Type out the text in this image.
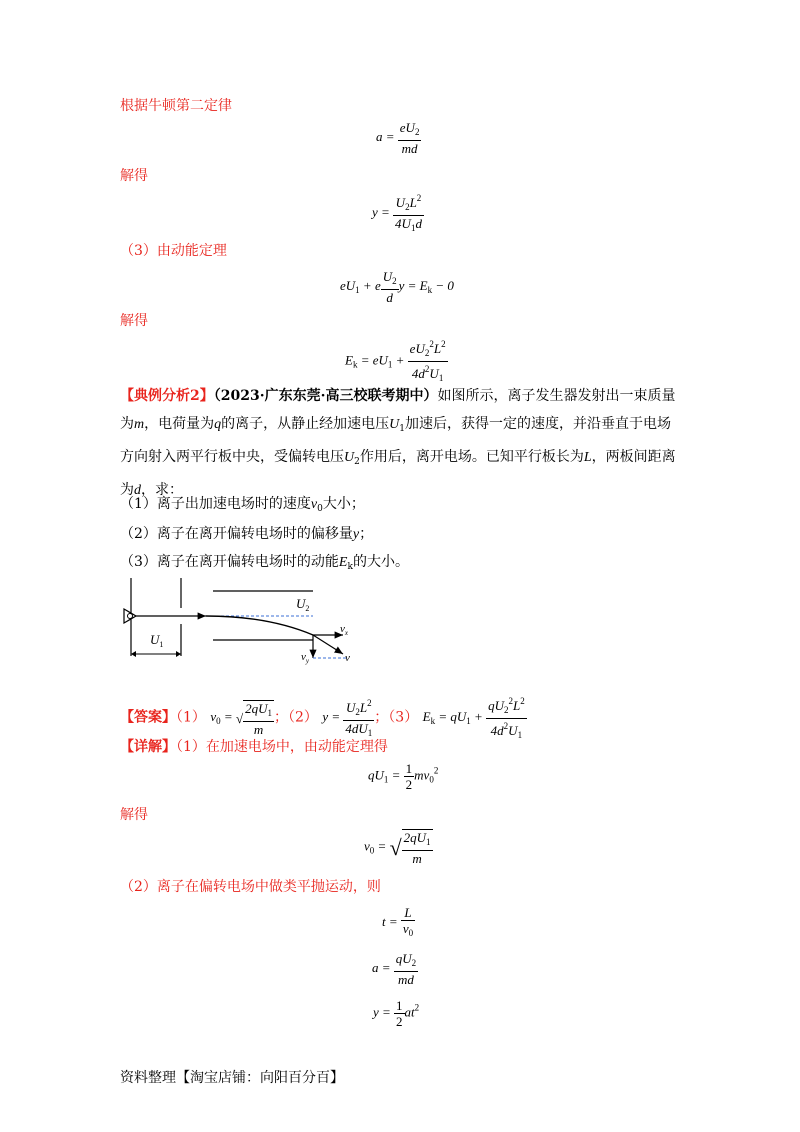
根据牛顿第二定律
$a = \frac{eU_2}{md}$
解得
$y = \frac{U_2L^2}{4U_1d}$
（3）由动能定理
$eU_1 + e \frac{U_2}{d}$ $y = E_k - 0$
解得
$E_k = eU_1 + \frac{eU_2^2L^2}{4d^2U_1}$
【典例分析2】（2023·广东东莞·高三校联考期中）如图所示，离子发生器发射出一束质量为m，电荷量为q的离子，从静止经加速电压$U_1$加速后，获得一定的速度，并沿垂直于电场方向射入两平行板中央，受偏转电压$U_2$作用后，离开电场。已知平行板长为L，两板间距离为d，求：
（1）离子出加速电场时的速度$v_0$大小；
（2）离子在离开偏转电场时的偏移量y；
（3）离子在离开偏转电场时的动能$E_k$的大小。
$U_2$
$U_1$
$v_x$
$v_y$	v
【答案】（1） $v_0$ = √ $\frac{2qU_1}{m}$ ；（2） $y = \frac{U_2L^2}{4dU_1}$ ；（3） $E_k = qU_1 + \frac{qU_2^2L^2}{4d^2U_1}$
【详解】（1）在加速电场中，由动能定理得
$qU_1 = \frac{1}{2} mv_0^2$
解得
$v_0$ = √ $\frac{2qU_1}{m}$
（2）离子在偏转电场中做类平抛运动，则
$t = \frac{L}{v_0}$
$a = \frac{qU_2}{md}$
$y = \frac{1}{2} at^2$
资料整理【淘宝店铺：向阳百分百】
